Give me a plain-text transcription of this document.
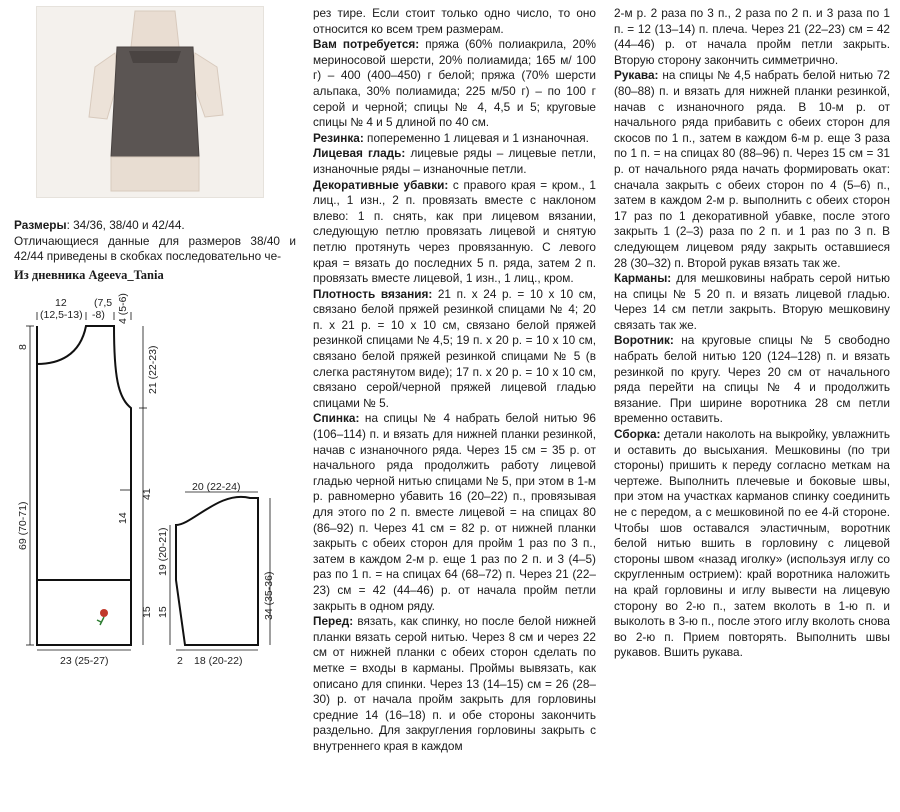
Размеры: 34/36, 38/40 и 42/44.
Отличающиеся данные для размеров 38/40 и 42/44 приведены в скобках последовательно че-
Из дневника Ageeva_Tania
12
(12,5-13)
(7,5
-8) 4 (5-6)
8	21 (22-23)
69 (70-71)
41
14
15
23 (25-27)
20 (22-24)
19 (20-21)
34 (35-36)
15
2 18 (20-22)

рез тире. Если стоит только одно число, то оно относится ко всем трем размерам.

Вам потребуется: пряжа (60% полиакрила, 20% мериносовой шерсти, 20% полиамида; 165 м/ 100 г) – 400 (400–450) г белой; пряжа (70% шерсти альпака, 30% полиамида; 225 м/50 г) – по 100 г серой и черной; спицы № 4, 4,5 и 5; круговые спицы № 4 и 5 длиной по 40 см.

Резинка: попеременно 1 лицевая и 1 изнаночная.

Лицевая гладь: лицевые ряды – лицевые петли, изнаночные ряды – изнаночные петли.

Декоративные убавки: с правого края = кром., 1 лиц., 1 изн., 2 п. провязать вместе с наклоном влево: 1 п. снять, как при лицевом вязании, следующую петлю провязать лицевой и снятую петлю протянуть через провязанную. С левого края = вязать до последних 5 п. ряда, затем 2 п. провязать вместе лицевой, 1 изн., 1 лиц., кром.

Плотность вязания: 21 п. х 24 р. = 10 х 10 см, связано белой пряжей резинкой спицами № 4; 20 п. х 21 р. = 10 х 10 см, связано белой пряжей резинкой спицами № 4,5; 19 п. х 20 р. = 10 х 10 см, связано белой пряжей резинкой спицами № 5 (в слегка растянутом виде); 17 п. х 20 р. = 10 х 10 см, связано серой/черной пряжей лицевой гладью спицами № 5.

Спинка: на спицы № 4 набрать белой нитью 96 (106–114) п. и вязать для нижней планки резинкой, начав с изнаночного ряда. Через 15 см = 35 р. от начального ряда продолжить работу лицевой гладью черной нитью спицами № 5, при этом в 1-м р. равномерно убавить 16 (20–22) п., провязывая для этого по 2 п. вместе лицевой = на спицах 80 (86–92) п. Через 41 см = 82 р. от нижней планки закрыть с обеих сторон для пройм 1 раз по 3 п., затем в каждом 2-м р. еще 1 раз по 2 п. и 3 (4–5) раз по 1 п. = на спицах 64 (68–72) п. Через 21 (22–23) см = 42 (44–46) р. от начала пройм петли закрыть в одном ряду.

Перед: вязать, как спинку, но после белой нижней планки вязать серой нитью. Через 8 см и через 22 см от нижней планки с обеих сторон сделать по метке = входы в карманы. Проймы вывязать, как описано для спинки. Через 13 (14–15) см = 26 (28–30) р. от начала пройм закрыть для горловины средние 14 (16–18) п. и обе стороны закончить раздельно. Для закругления горловины закрыть с внутреннего края в каждом

2-м р. 2 раза по 3 п., 2 раза по 2 п. и 3 раза по 1 п. = 12 (13–14) п. плеча. Через 21 (22–23) см = 42 (44–46) р. от начала пройм петли закрыть. Вторую сторону закончить симметрично.

Рукава: на спицы № 4,5 набрать белой нитью 72 (80–88) п. и вязать для нижней планки резинкой, начав с изнаночного ряда. В 10-м р. от начального ряда прибавить с обеих сторон для скосов по 1 п., затем в каждом 6-м р. еще 3 раза по 1 п. = на спицах 80 (88–96) п. Через 15 см = 31 р. от начального ряда начать формировать окат: сначала закрыть с обеих сторон по 4 (5–6) п., затем в каждом 2-м р. выполнить с обеих сторон 17 раз по 1 декоративной убавке, после этого закрыть 1 (2–3) раза по 2 п. и 1 раз по 3 п. В следующем лицевом ряду закрыть оставшиеся 28 (30–32) п. Второй рукав вязать так же.

Карманы: для мешковины набрать серой нитью на спицы № 5 20 п. и вязать лицевой гладью. Через 14 см петли закрыть. Вторую мешковину связать так же.

Воротник: на круговые спицы № 5 свободно набрать белой нитью 120 (124–128) п. и вязать резинкой по кругу. Через 20 см от начального ряда перейти на спицы № 4 и продолжить вязание. При ширине воротника 28 см петли временно оставить.

Сборка: детали наколоть на выкройку, увлажнить и оставить до высыхания. Мешковины (по три стороны) пришить к переду согласно меткам на чертеже. Выполнить плечевые и боковые швы, при этом на участках карманов спинку соединить не с передом, а с мешковиной по ее 4-й стороне. Чтобы шов оставался эластичным, воротник белой нитью вшить в горловину с лицевой стороны швом «назад иголку» (используя иглу со скругленным острием): край воротника наложить на край горловины и иглу вывести на лицевую сторону во 2-ю п., затем вколоть в 1-ю п. и выколоть в 3-ю п., после этого иглу вколоть снова во 2-ю п. Прием повторять. Выполнить швы рукавов. Вшить рукава.
